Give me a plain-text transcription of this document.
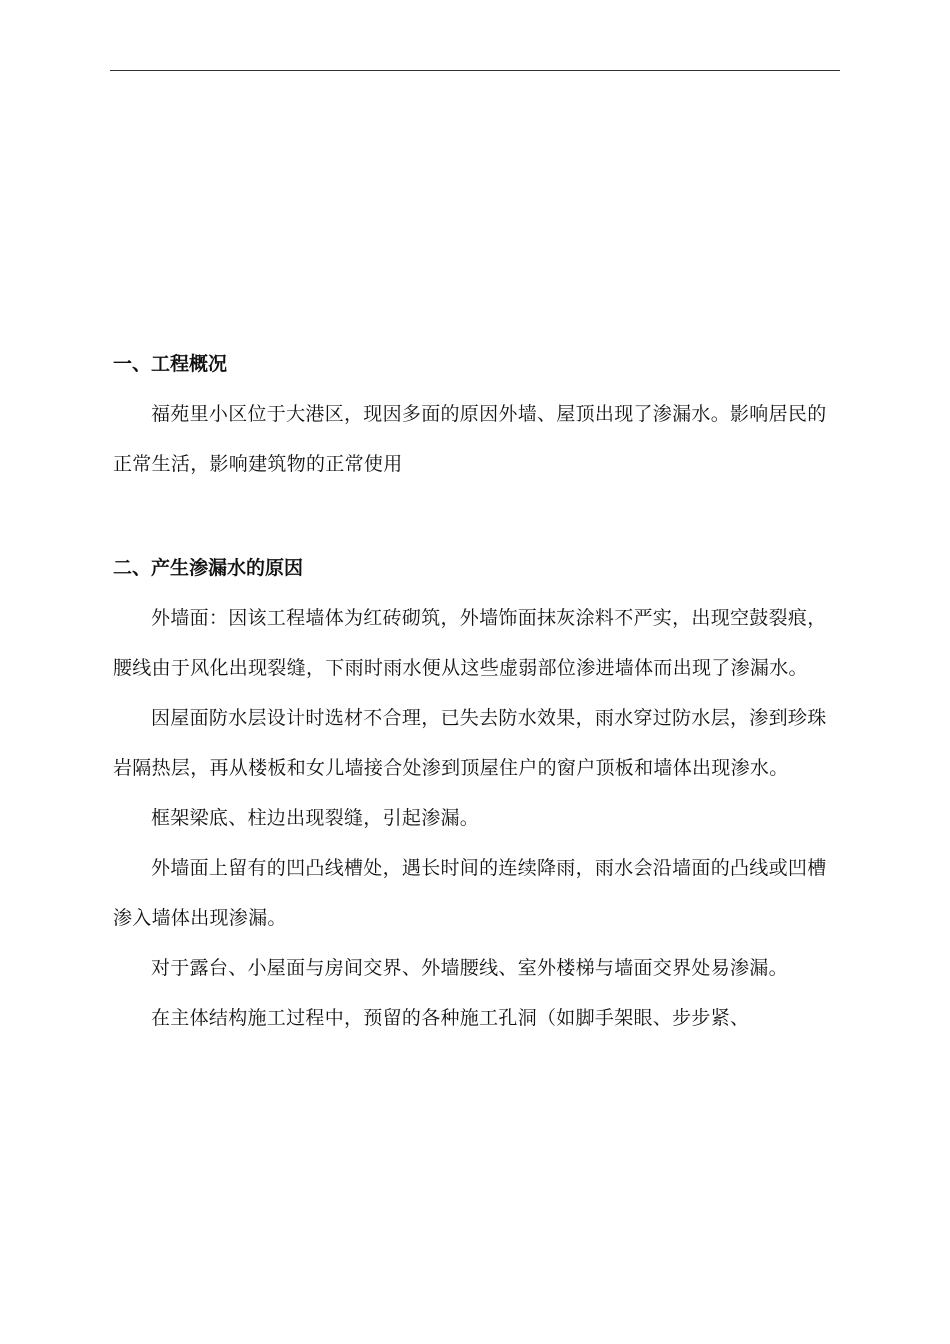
一、工程概况

福苑里小区位于大港区，现因多面的原因外墙、屋顶出现了渗漏水。影响居民的正常生活，影响建筑物的正常使用

二、产生渗漏水的原因

外墙面：因该工程墙体为红砖砌筑，外墙饰面抹灰涂料不严实，出现空鼓裂痕，腰线由于风化出现裂缝，下雨时雨水便从这些虚弱部位渗进墙体而出现了渗漏水。

因屋面防水层设计时选材不合理，已失去防水效果，雨水穿过防水层，渗到珍珠岩隔热层，再从楼板和女儿墙接合处渗到顶屋住户的窗户顶板和墙体出现渗水。

框架梁底、柱边出现裂缝，引起渗漏。

外墙面上留有的凹凸线槽处，遇长时间的连续降雨，雨水会沿墙面的凸线或凹槽渗入墙体出现渗漏。

对于露台、小屋面与房间交界、外墙腰线、室外楼梯与墙面交界处易渗漏。

在主体结构施工过程中，预留的各种施工孔洞（如脚手架眼、步步紧、
